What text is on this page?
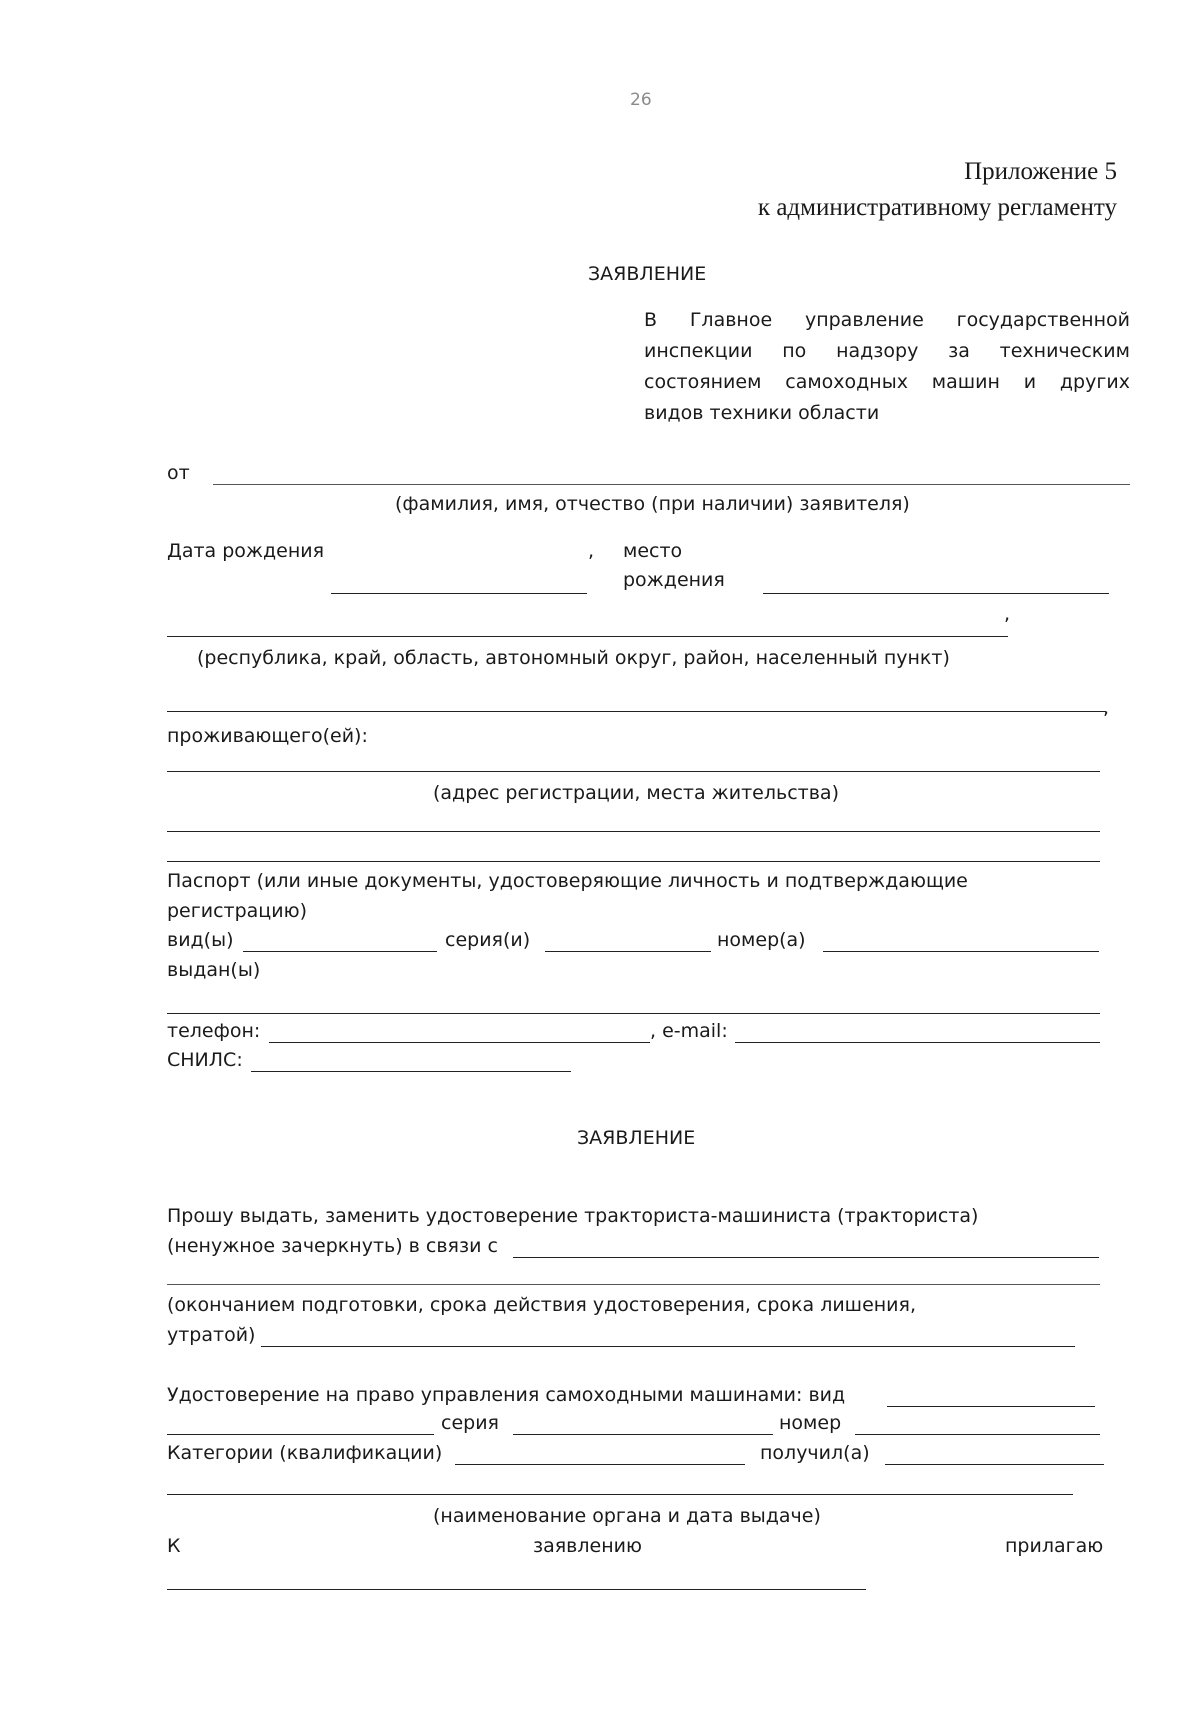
26
Приложение 5
к административному регламенту
ЗАЯВЛЕНИЕ
В Главное управление государственной
инспекции по надзору за техническим
состоянием самоходных машин и других
видов техники области
от
(фамилия, имя, отчество (при наличии) заявителя)
Дата рождения	, место
рождения
,
(республика, край, область, автономный округ, район, населенный пункт)
,
проживающего(ей):
(адрес регистрации, места жительства)
Паспорт (или иные документы, удостоверяющие личность и подтверждающие
регистрацию)
вид(ы)	серия(и)	номер(а)
выдан(ы)
телефон:	, e-mail:
СНИЛС:
ЗАЯВЛЕНИЕ
Прошу выдать, заменить удостоверение тракториста-машиниста (тракториста)
(ненужное зачеркнуть) в связи с
(окончанием подготовки, срока действия удостоверения, срока лишения,
утратой)
Удостоверение на право управления самоходными машинами: вид
серия	номер
Категории (квалификации)	получил(а)
(наименование органа и дата выдаче)
К	заявлению	прилагаю
